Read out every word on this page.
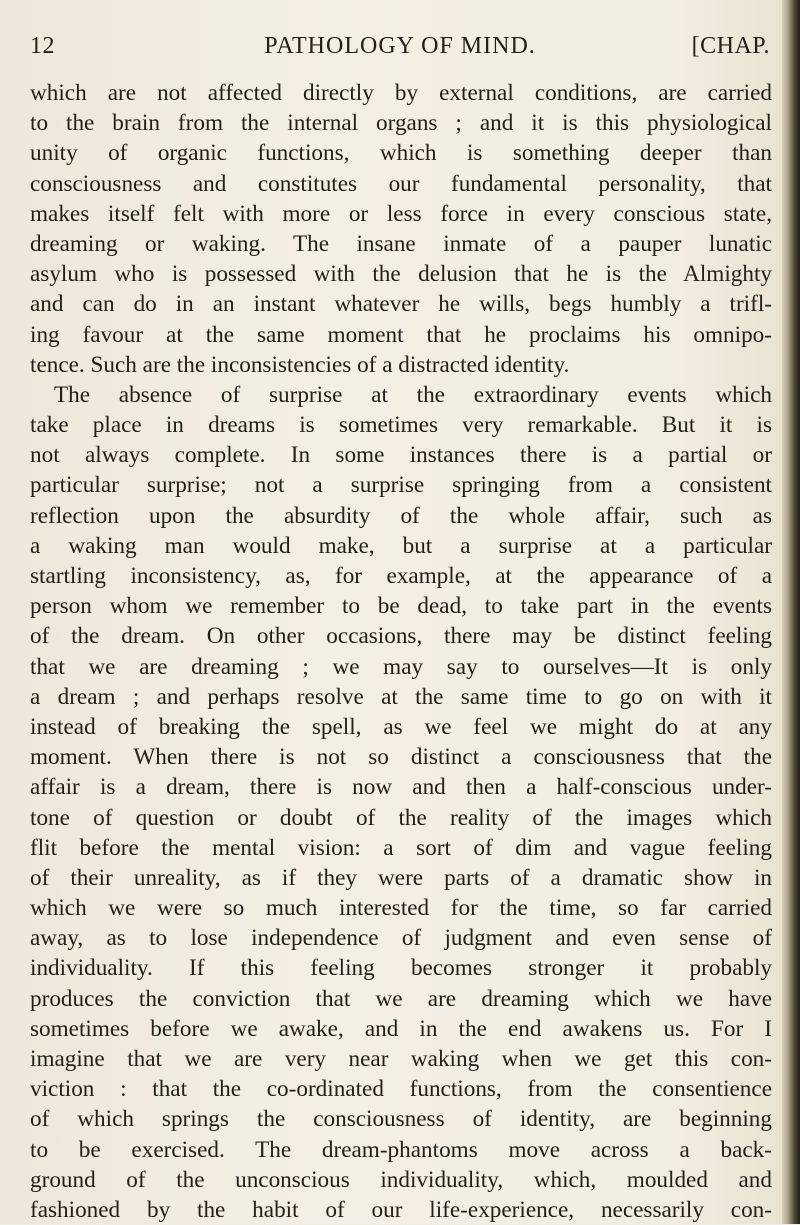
12	PATHOLOGY OF MIND.	[CHAP.
which are not affected directly by external conditions, are carried
to the brain from the internal organs ; and it is this physiological
unity of organic functions, which is something deeper than
consciousness and constitutes our fundamental personality, that
makes itself felt with more or less force in every conscious state,
dreaming or waking. The insane inmate of a pauper lunatic
asylum who is possessed with the delusion that he is the Almighty
and can do in an instant whatever he wills, begs humbly a trifl-
ing favour at the same moment that he proclaims his omnipo-
tence. Such are the inconsistencies of a distracted identity.
The absence of surprise at the extraordinary events which
take place in dreams is sometimes very remarkable. But it is
not always complete. In some instances there is a partial or
particular surprise; not a surprise springing from a consistent
reflection upon the absurdity of the whole affair, such as
a waking man would make, but a surprise at a particular
startling inconsistency, as, for example, at the appearance of a
person whom we remember to be dead, to take part in the events
of the dream. On other occasions, there may be distinct feeling
that we are dreaming ; we may say to ourselves—It is only
a dream ; and perhaps resolve at the same time to go on with it
instead of breaking the spell, as we feel we might do at any
moment. When there is not so distinct a consciousness that the
affair is a dream, there is now and then a half-conscious under-
tone of question or doubt of the reality of the images which
flit before the mental vision: a sort of dim and vague feeling
of their unreality, as if they were parts of a dramatic show in
which we were so much interested for the time, so far carried
away, as to lose independence of judgment and even sense of
individuality. If this feeling becomes stronger it probably
produces the conviction that we are dreaming which we have
sometimes before we awake, and in the end awakens us. For I
imagine that we are very near waking when we get this con-
viction : that the co-ordinated functions, from the consentience
of which springs the consciousness of identity, are beginning
to be exercised. The dream-phantoms move across a back-
ground of the unconscious individuality, which, moulded and
fashioned by the habit of our life-experience, necessarily con-
